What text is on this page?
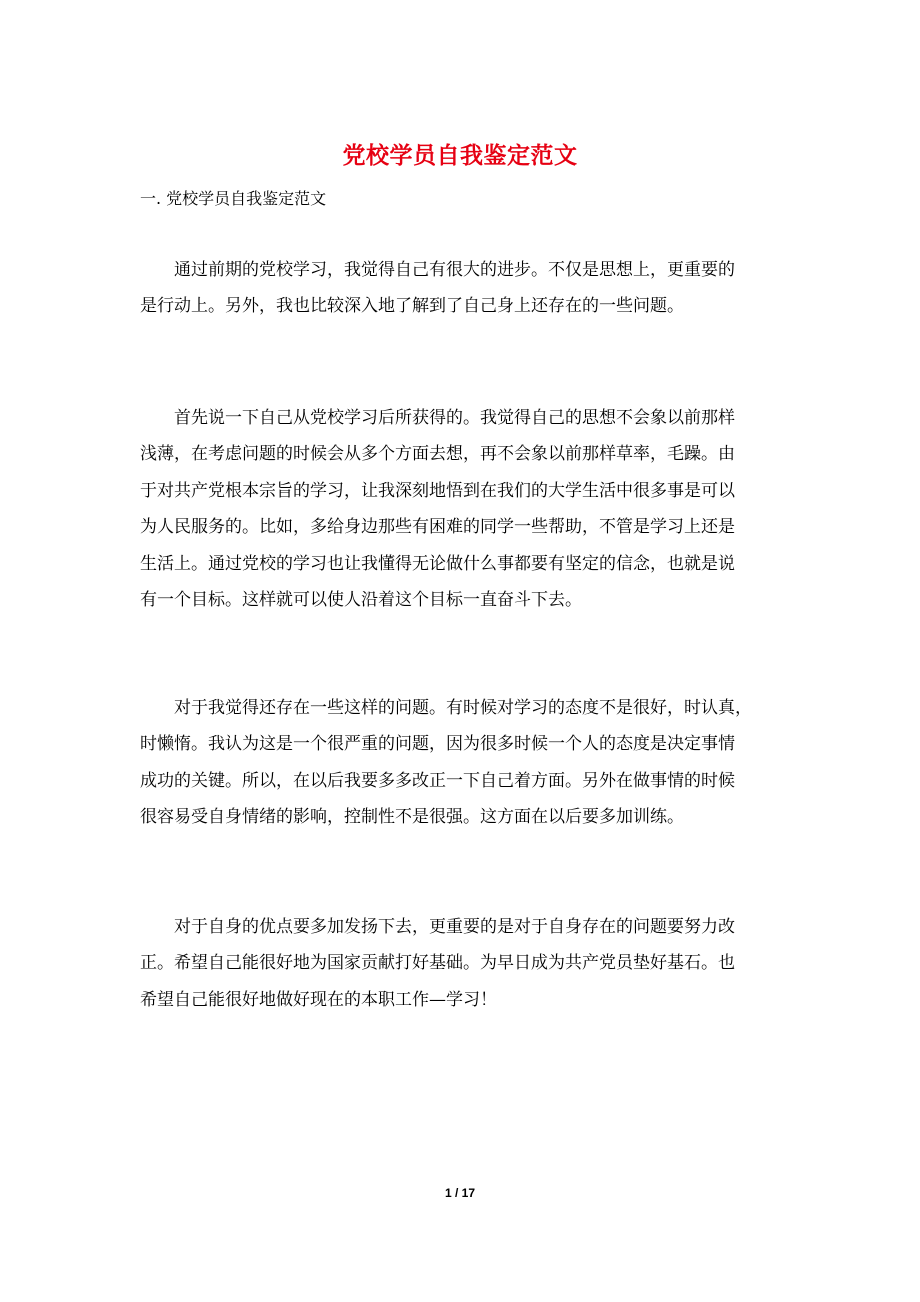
党校学员自我鉴定范文

一. 党校学员自我鉴定范文

通过前期的党校学习，我觉得自己有很大的进步。不仅是思想上，更重要的
是行动上。另外，我也比较深入地了解到了自己身上还存在的一些问题。

首先说一下自己从党校学习后所获得的。我觉得自己的思想不会象以前那样
浅薄，在考虑问题的时候会从多个方面去想，再不会象以前那样草率，毛躁。由
于对共产党根本宗旨的学习，让我深刻地悟到在我们的大学生活中很多事是可以
为人民服务的。比如，多给身边那些有困难的同学一些帮助，不管是学习上还是
生活上。通过党校的学习也让我懂得无论做什么事都要有坚定的信念，也就是说
有一个目标。这样就可以使人沿着这个目标一直奋斗下去。

对于我觉得还存在一些这样的问题。有时候对学习的态度不是很好，时认真，
时懒惰。我认为这是一个很严重的问题，因为很多时候一个人的态度是决定事情
成功的关键。所以，在以后我要多多改正一下自己着方面。另外在做事情的时候
很容易受自身情绪的影响，控制性不是很强。这方面在以后要多加训练。

对于自身的优点要多加发扬下去，更重要的是对于自身存在的问题要努力改
正。希望自己能很好地为国家贡献打好基础。为早日成为共产党员垫好基石。也
希望自己能很好地做好现在的本职工作—学习！

1 / 17
